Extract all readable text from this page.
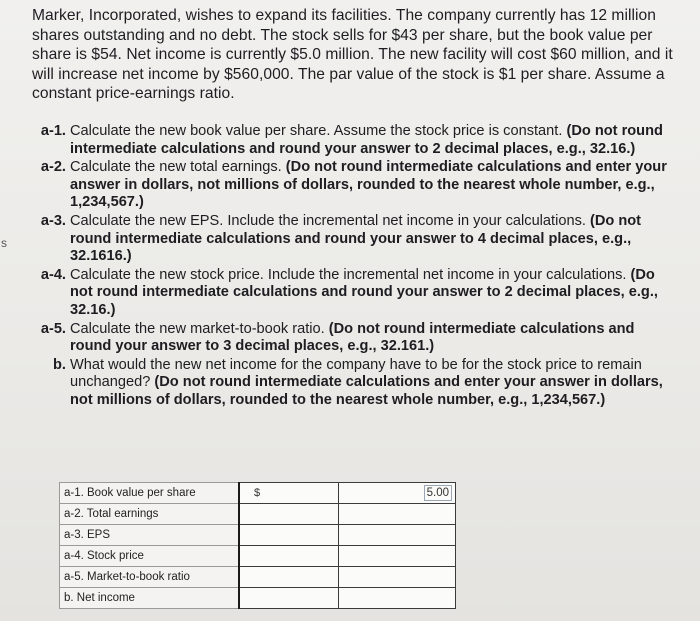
s

Marker, Incorporated, wishes to expand its facilities. The company currently has 12 million shares outstanding and no debt. The stock sells for $43 per share, but the book value per share is $54. Net income is currently $5.0 million. The new facility will cost $60 million, and it will increase net income by $560,000. The par value of the stock is $1 per share. Assume a constant price-earnings ratio.

a-1. Calculate the new book value per share. Assume the stock price is constant. (Do not round intermediate calculations and round your answer to 2 decimal places, e.g., 32.16.)
a-2. Calculate the new total earnings. (Do not round intermediate calculations and enter your answer in dollars, not millions of dollars, rounded to the nearest whole number, e.g., 1,234,567.)
a-3. Calculate the new EPS. Include the incremental net income in your calculations. (Do not round intermediate calculations and round your answer to 4 decimal places, e.g., 32.1616.)
a-4. Calculate the new stock price. Include the incremental net income in your calculations. (Do not round intermediate calculations and round your answer to 2 decimal places, e.g., 32.16.)
a-5. Calculate the new market-to-book ratio. (Do not round intermediate calculations and round your answer to 3 decimal places, e.g., 32.161.)
b. What would the new net income for the company have to be for the stock price to remain unchanged? (Do not round intermediate calculations and enter your answer in dollars, not millions of dollars, rounded to the nearest whole number, e.g., 1,234,567.)
a-1. Book value per share	$	5.00
a-2. Total earnings		
a-3. EPS		
a-4. Stock price		
a-5. Market-to-book ratio		
b. Net income		
